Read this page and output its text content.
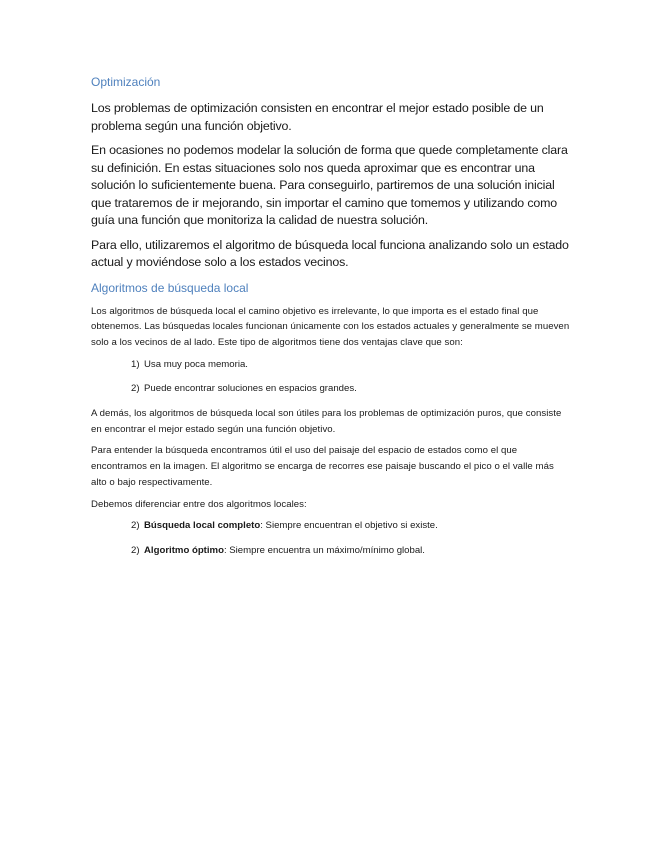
Optimización

Los problemas de optimización consisten en encontrar el mejor estado posible de un problema según una función objetivo.

En ocasiones no podemos modelar la solución de forma que quede completamente clara su definición. En estas situaciones solo nos queda aproximar que es encontrar una solución lo suficientemente buena. Para conseguirlo, partiremos de una solución inicial que trataremos de ir mejorando, sin importar el camino que tomemos y utilizando como guía una función que monitoriza la calidad de nuestra solución.

Para ello, utilizaremos el algoritmo de búsqueda local funciona analizando solo un estado actual y moviéndose solo a los estados vecinos.

Algoritmos de búsqueda local

Los algoritmos de búsqueda local el camino objetivo es irrelevante, lo que importa es el estado final que obtenemos. Las búsquedas locales funcionan únicamente con los estados actuales y generalmente se mueven solo a los vecinos de al lado. Este tipo de algoritmos tiene dos ventajas clave que son:

1) Usa muy poca memoria.
2) Puede encontrar soluciones en espacios grandes.

A demás, los algoritmos de búsqueda local son útiles para los problemas de optimización puros, que consiste en encontrar el mejor estado según una función objetivo.

Para entender la búsqueda encontramos útil el uso del paisaje del espacio de estados como el que encontramos en la imagen. El algoritmo se encarga de recorres ese paisaje buscando el pico o el valle más alto o bajo respectivamente.

Debemos diferenciar entre dos algoritmos locales:

2) Búsqueda local completo: Siempre encuentran el objetivo si existe.
2) Algoritmo óptimo: Siempre encuentra un máximo/mínimo global.
